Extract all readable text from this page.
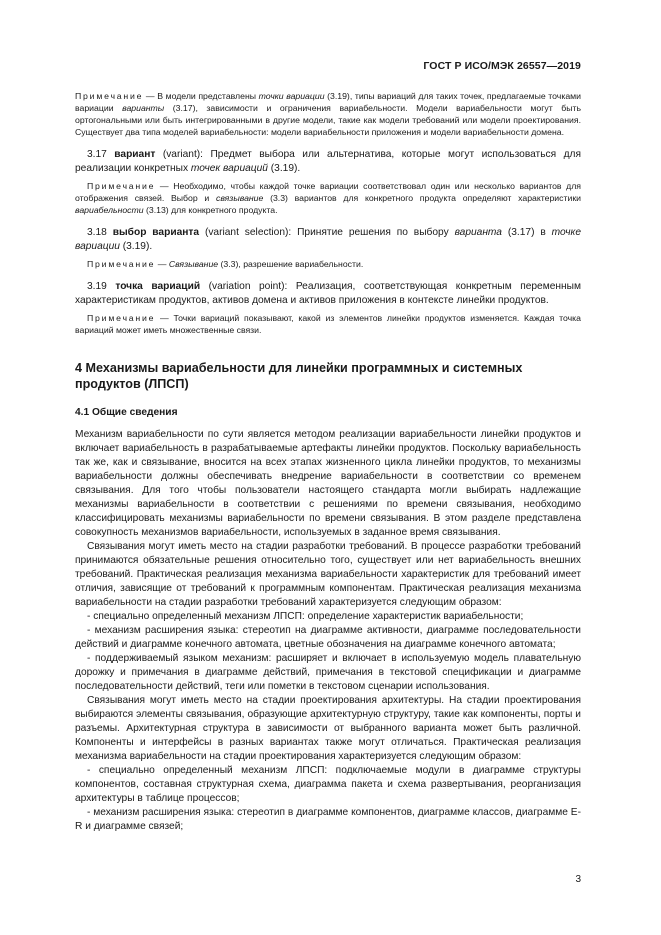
ГОСТ Р ИСО/МЭК 26557—2019
Примечание — В модели представлены точки вариации (3.19), типы вариаций для таких точек, предлагаемые точками вариации варианты (3.17), зависимости и ограничения вариабельности. Модели вариабельности могут быть ортогональными или быть интегрированными в другие модели, такие как модели требований или модели проектирования. Существует два типа моделей вариабельности: модели вариабельности приложения и модели вариабельности домена.

3.17 вариант (variant): Предмет выбора или альтернатива, которые могут использоваться для реализации конкретных точек вариаций (3.19).

Примечание — Необходимо, чтобы каждой точке вариации соответствовал один или несколько вариантов для отображения связей. Выбор и связывание (3.3) вариантов для конкретного продукта определяют характеристики вариабельности (3.13) для конкретного продукта.

3.18 выбор варианта (variant selection): Принятие решения по выбору варианта (3.17) в точке вариации (3.19).

Примечание — Связывание (3.3), разрешение вариабельности.

3.19 точка вариаций (variation point): Реализация, соответствующая конкретным переменным характеристикам продуктов, активов домена и активов приложения в контексте линейки продуктов.

Примечание — Точки вариаций показывают, какой из элементов линейки продуктов изменяется. Каждая точка вариаций может иметь множественные связи.
4 Механизмы вариабельности для линейки программных и системных продуктов (ЛПСП)
4.1 Общие сведения

Механизм вариабельности по сути является методом реализации вариабельности линейки продуктов и включает вариабельность в разрабатываемые артефакты линейки продуктов. Поскольку вариабельность так же, как и связывание, вносится на всех этапах жизненного цикла линейки продуктов, то механизмы вариабельности должны обеспечивать внедрение вариабельности в соответствии со временем связывания. Для того чтобы пользователи настоящего стандарта могли выбирать надлежащие механизмы вариабельности в соответствии с решениями по времени связывания, необходимо классифицировать механизмы вариабельности по времени связывания. В этом разделе представлена совокупность механизмов вариабельности, используемых в заданное время связывания.

Связывания могут иметь место на стадии разработки требований. В процессе разработки требований принимаются обязательные решения относительно того, существует или нет вариабельность внешних требований. Практическая реализация механизма вариабельности характеристик для требований имеет отличия, зависящие от требований к программным компонентам. Практическая реализация механизма вариабельности на стадии разработки требований характеризуется следующим образом:

- специально определенный механизм ЛПСП: определение характеристик вариабельности;

- механизм расширения языка: стереотип на диаграмме активности, диаграмме последовательности действий и диаграмме конечного автомата, цветные обозначения на диаграмме конечного автомата;

- поддерживаемый языком механизм: расширяет и включает в используемую модель плавательную дорожку и примечания в диаграмме действий, примечания в текстовой спецификации и диаграмме последовательности действий, теги или пометки в текстовом сценарии использования.

Связывания могут иметь место на стадии проектирования архитектуры. На стадии проектирования выбираются элементы связывания, образующие архитектурную структуру, такие как компоненты, порты и разъемы. Архитектурная структура в зависимости от выбранного варианта может быть различной. Компоненты и интерфейсы в разных вариантах также могут отличаться. Практическая реализация механизма вариабельности на стадии проектирования характеризуется следующим образом:

- специально определенный механизм ЛПСП: подключаемые модули в диаграмме структуры компонентов, составная структурная схема, диаграмма пакета и схема развертывания, реорганизация архитектуры в таблице процессов;

- механизм расширения языка: стереотип в диаграмме компонентов, диаграмме классов, диаграмме E-R и диаграмме связей;

3
